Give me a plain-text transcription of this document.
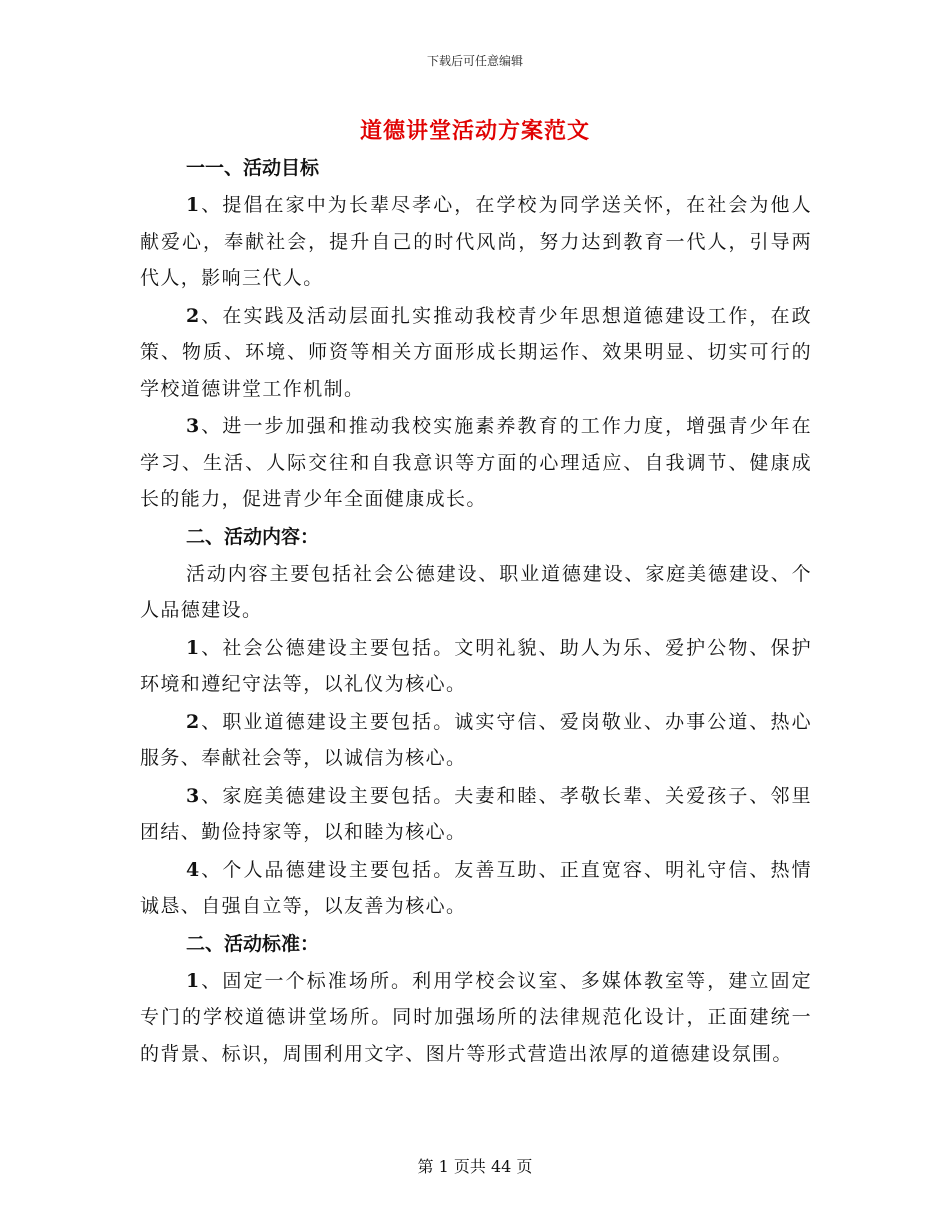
下载后可任意编辑
道德讲堂活动方案范文
一一、活动目标
1、提倡在家中为长辈尽孝心，在学校为同学送关怀，在社会为他人献爱心，奉献社会，提升自己的时代风尚，努力达到教育一代人，引导两代人，影响三代人。
2、在实践及活动层面扎实推动我校青少年思想道德建设工作，在政策、物质、环境、师资等相关方面形成长期运作、效果明显、切实可行的学校道德讲堂工作机制。
3、进一步加强和推动我校实施素养教育的工作力度，增强青少年在学习、生活、人际交往和自我意识等方面的心理适应、自我调节、健康成长的能力，促进青少年全面健康成长。
二、活动内容：
活动内容主要包括社会公德建设、职业道德建设、家庭美德建设、个人品德建设。
1、社会公德建设主要包括。文明礼貌、助人为乐、爱护公物、保护环境和遵纪守法等，以礼仪为核心。
2、职业道德建设主要包括。诚实守信、爱岗敬业、办事公道、热心服务、奉献社会等，以诚信为核心。
3、家庭美德建设主要包括。夫妻和睦、孝敬长辈、关爱孩子、邻里团结、勤俭持家等，以和睦为核心。
4、个人品德建设主要包括。友善互助、正直宽容、明礼守信、热情诚恳、自强自立等，以友善为核心。
二、活动标准：
1、固定一个标准场所。利用学校会议室、多媒体教室等，建立固定专门的学校道德讲堂场所。同时加强场所的法律规范化设计，正面建统一的背景、标识，周围利用文字、图片等形式营造出浓厚的道德建设氛围。
第 1 页共 44 页
